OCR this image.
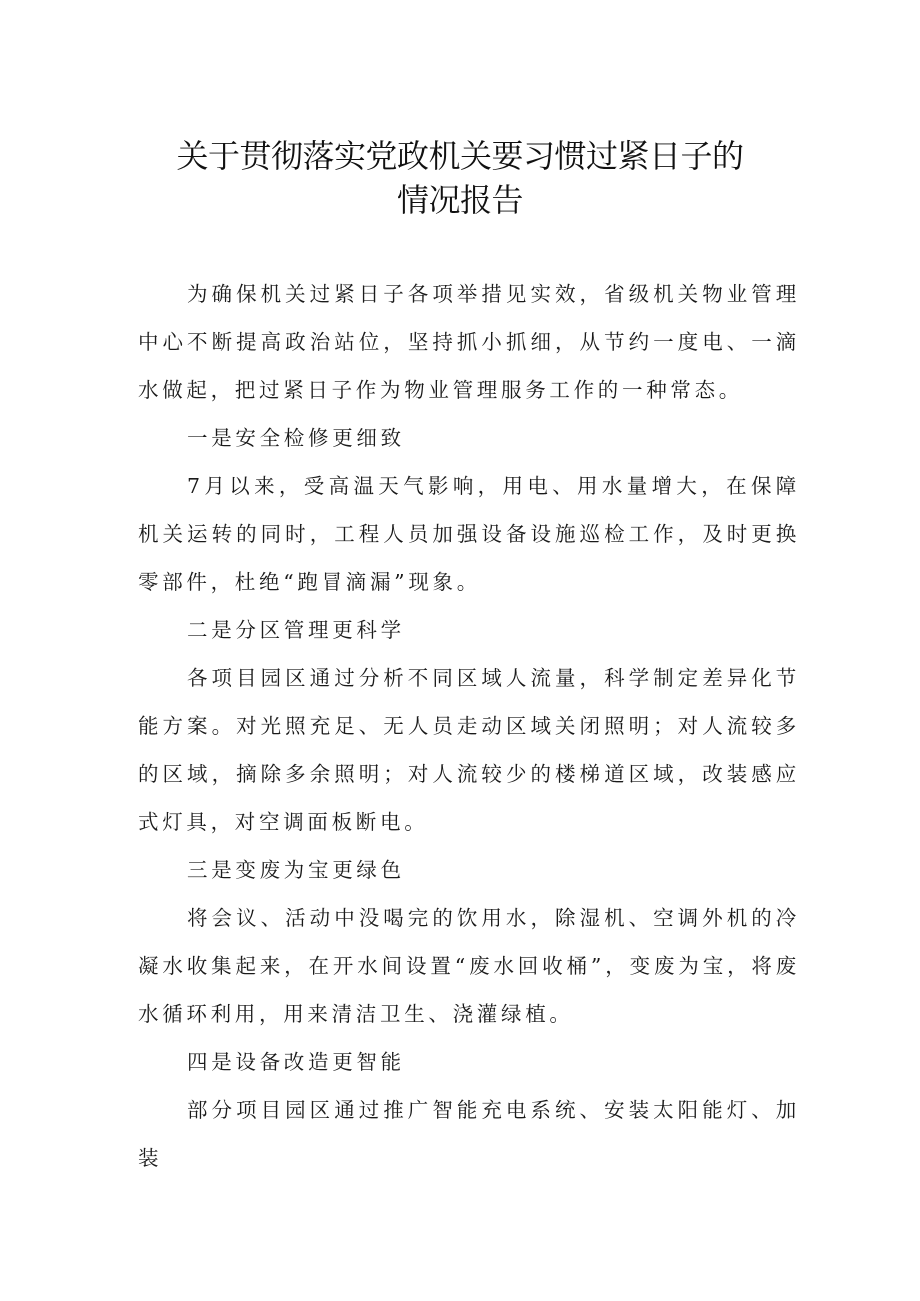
关于贯彻落实党政机关要习惯过紧日子的
情况报告

为确保机关过紧日子各项举措见实效，省级机关物业管理中心不断提高政治站位，坚持抓小抓细，从节约一度电、一滴水做起，把过紧日子作为物业管理服务工作的一种常态。

一是安全检修更细致

7月以来，受高温天气影响，用电、用水量增大，在保障机关运转的同时，工程人员加强设备设施巡检工作，及时更换零部件，杜绝“跑冒滴漏”现象。

二是分区管理更科学

各项目园区通过分析不同区域人流量，科学制定差异化节能方案。对光照充足、无人员走动区域关闭照明；对人流较多的区域，摘除多余照明；对人流较少的楼梯道区域，改装感应式灯具，对空调面板断电。

三是变废为宝更绿色

将会议、活动中没喝完的饮用水，除湿机、空调外机的冷凝水收集起来，在开水间设置“废水回收桶”，变废为宝，将废水循环利用，用来清洁卫生、浇灌绿植。

四是设备改造更智能

部分项目园区通过推广智能充电系统、安装太阳能灯、加装
